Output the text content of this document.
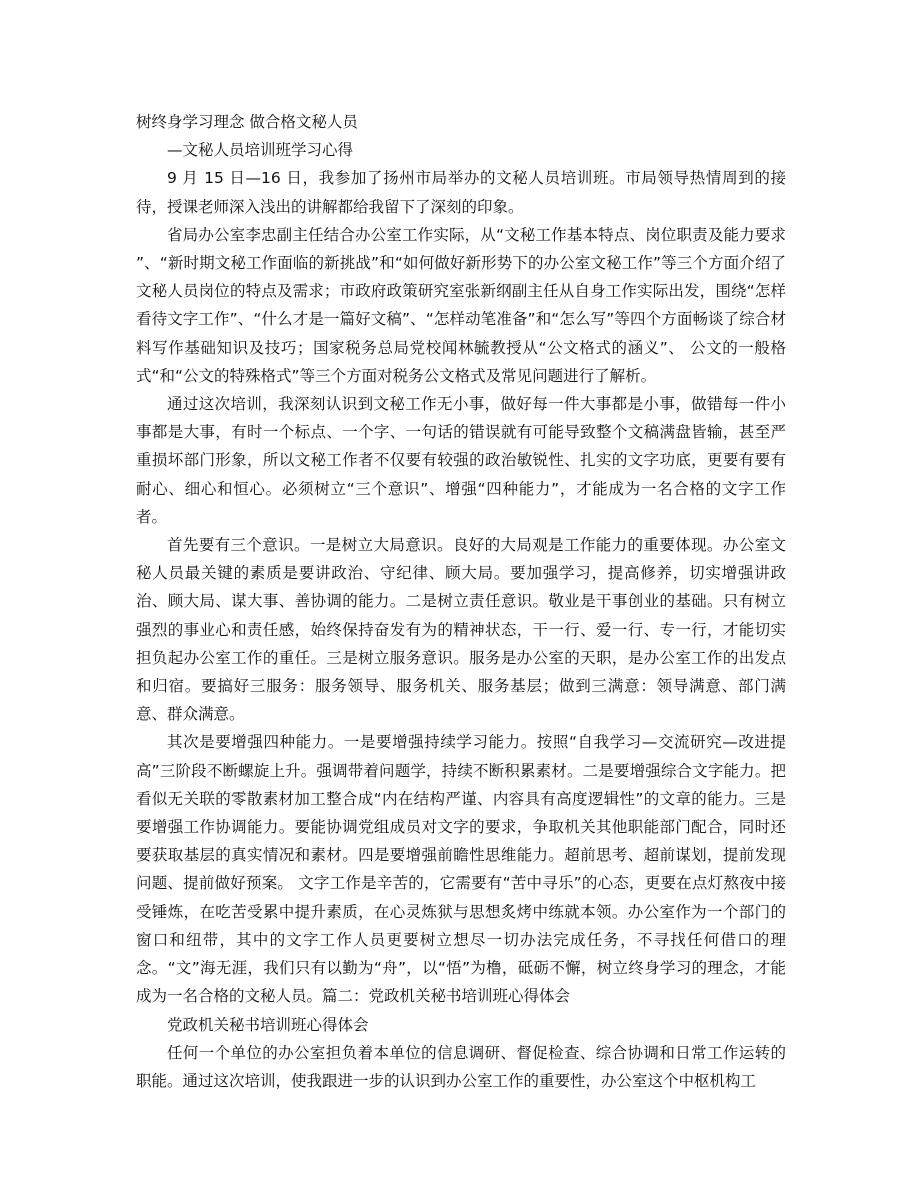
树终身学习理念 做合格文秘人员
—文秘人员培训班学习心得

9 月 15 日—16 日，我参加了扬州市局举办的文秘人员培训班。市局领导热情周到的接待，授课老师深入浅出的讲解都给我留下了深刻的印象。

省局办公室李忠副主任结合办公室工作实际，从“文秘工作基本特点、岗位职责及能力要求 ”、“新时期文秘工作面临的新挑战”和“如何做好新形势下的办公室文秘工作”等三个方面介绍了文秘人员岗位的特点及需求；市政府政策研究室张新纲副主任从自身工作实际出发，围绕“怎样看待文字工作”、“什么才是一篇好文稿”、“怎样动笔准备”和“怎么写”等四个方面畅谈了综合材料写作基础知识及技巧；国家税务总局党校闻林毓教授从“公文格式的涵义”、 公文的一般格式“和“公文的特殊格式”等三个方面对税务公文格式及常见问题进行了解析。

通过这次培训，我深刻认识到文秘工作无小事，做好每一件大事都是小事，做错每一件小事都是大事，有时一个标点、一个字、一句话的错误就有可能导致整个文稿满盘皆输，甚至严重损坏部门形象，所以文秘工作者不仅要有较强的政治敏锐性、扎实的文字功底，更要有要有耐心、细心和恒心。必须树立“三个意识”、增强“四种能力”，才能成为一名合格的文字工作者。

首先要有三个意识。一是树立大局意识。良好的大局观是工作能力的重要体现。办公室文秘人员最关键的素质是要讲政治、守纪律、顾大局。要加强学习，提高修养，切实增强讲政治、顾大局、谋大事、善协调的能力。二是树立责任意识。敬业是干事创业的基础。只有树立强烈的事业心和责任感，始终保持奋发有为的精神状态，干一行、爱一行、专一行，才能切实担负起办公室工作的重任。三是树立服务意识。服务是办公室的天职，是办公室工作的出发点和归宿。要搞好三服务：服务领导、服务机关、服务基层；做到三满意：领导满意、部门满意、群众满意。

其次是要增强四种能力。一是要增强持续学习能力。按照“自我学习—交流研究—改进提高”三阶段不断螺旋上升。强调带着问题学，持续不断积累素材。二是要增强综合文字能力。把看似无关联的零散素材加工整合成“内在结构严谨、内容具有高度逻辑性”的文章的能力。三是要增强工作协调能力。要能协调党组成员对文字的要求，争取机关其他职能部门配合，同时还要获取基层的真实情况和素材。四是要增强前瞻性思维能力。超前思考、超前谋划，提前发现问题、提前做好预案。 文字工作是辛苦的，它需要有“苦中寻乐”的心态，更要在点灯熬夜中接受锤炼，在吃苦受累中提升素质，在心灵炼狱与思想炙烤中练就本领。办公室作为一个部门的窗口和纽带，其中的文字工作人员更要树立想尽一切办法完成任务，不寻找任何借口的理念。“文”海无涯，我们只有以勤为“舟”，以“悟”为橹，砥砺不懈，树立终身学习的理念，才能成为一名合格的文秘人员。篇二：党政机关秘书培训班心得体会

党政机关秘书培训班心得体会

任何一个单位的办公室担负着本单位的信息调研、督促检查、综合协调和日常工作运转的职能。通过这次培训，使我跟进一步的认识到办公室工作的重要性，办公室这个中枢机构工
